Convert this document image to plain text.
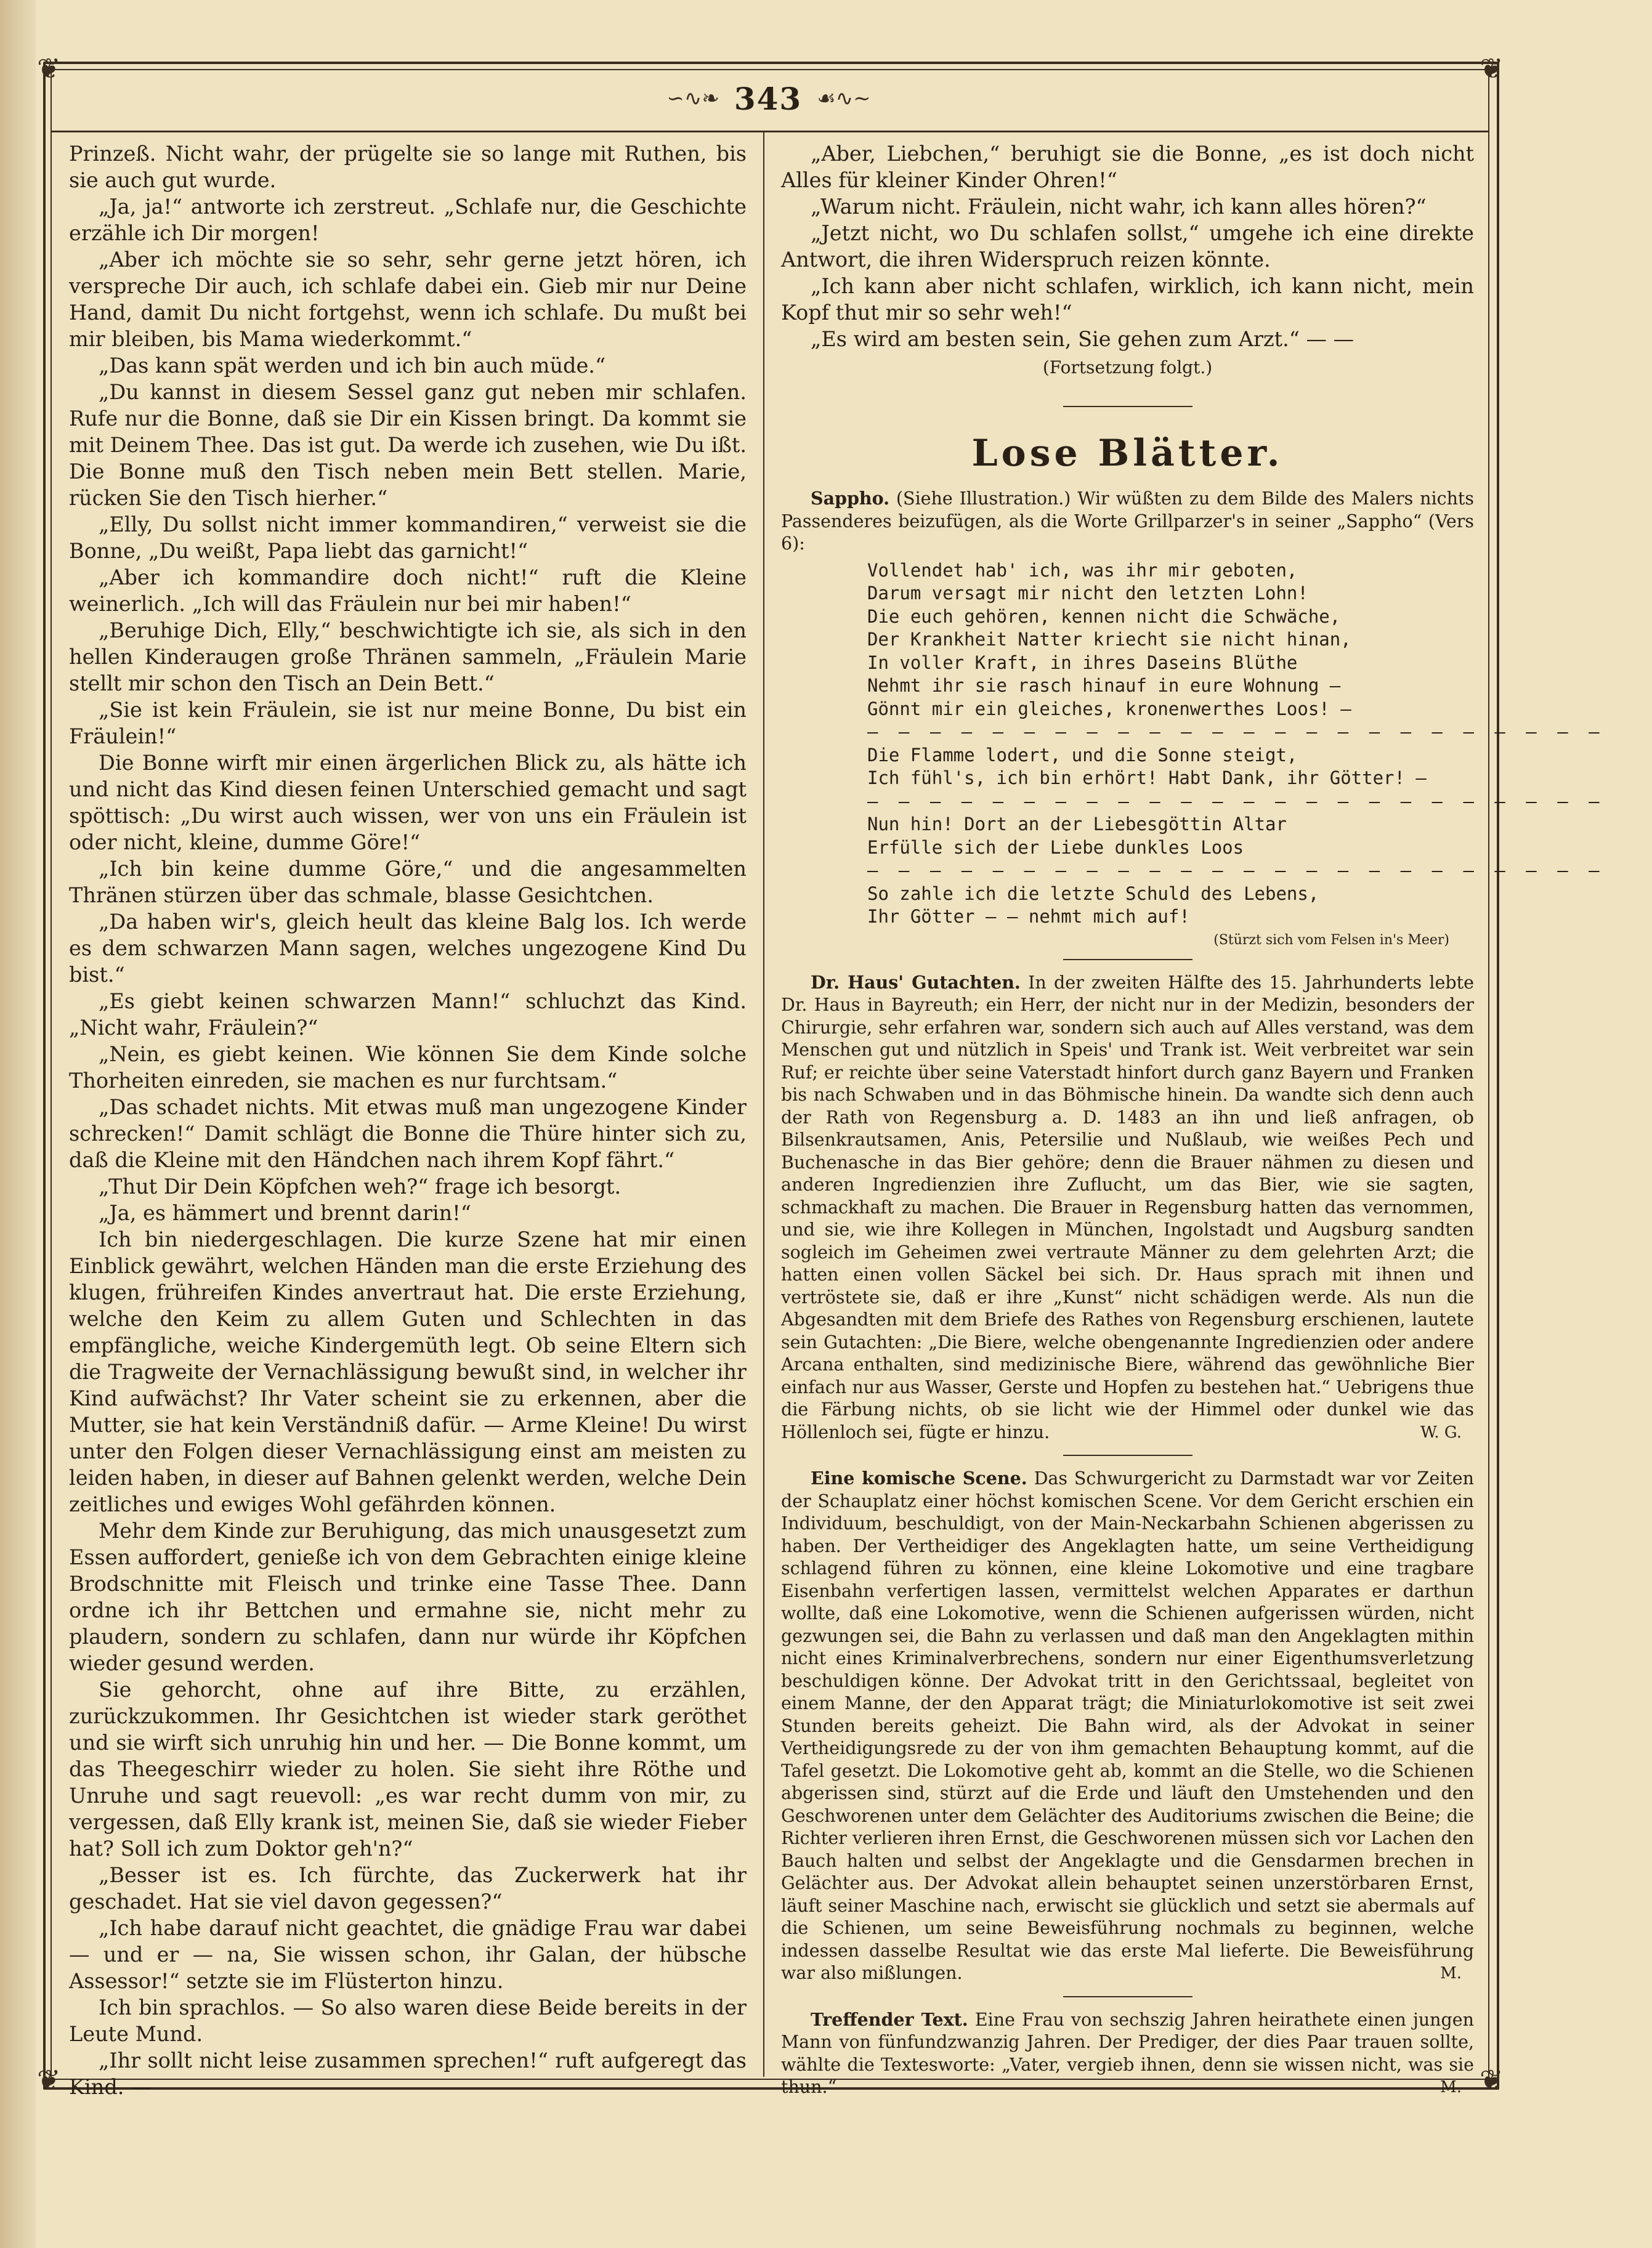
❦	❦
❦	❦
∽∿❧ 343 ☙∿∼

Prinzeß. Nicht wahr, der prügelte sie so lange mit Ruthen, bis sie auch gut wurde.

„Ja, ja!“ antworte ich zerstreut. „Schlafe nur, die Geschichte erzähle ich Dir morgen!

„Aber ich möchte sie so sehr, sehr gerne jetzt hören, ich verspreche Dir auch, ich schlafe dabei ein. Gieb mir nur Deine Hand, damit Du nicht fortgehst, wenn ich schlafe. Du mußt bei mir bleiben, bis Mama wiederkommt.“

„Das kann spät werden und ich bin auch müde.“

„Du kannst in diesem Sessel ganz gut neben mir schlafen. Rufe nur die Bonne, daß sie Dir ein Kissen bringt. Da kommt sie mit Deinem Thee. Das ist gut. Da werde ich zusehen, wie Du ißt. Die Bonne muß den Tisch neben mein Bett stellen. Marie, rücken Sie den Tisch hierher.“

„Elly, Du sollst nicht immer kommandiren,“ verweist sie die Bonne, „Du weißt, Papa liebt das garnicht!“

„Aber ich kommandire doch nicht!“ ruft die Kleine weinerlich. „Ich will das Fräulein nur bei mir haben!“

„Beruhige Dich, Elly,“ beschwichtigte ich sie, als sich in den hellen Kinderaugen große Thränen sammeln, „Fräulein Marie stellt mir schon den Tisch an Dein Bett.“

„Sie ist kein Fräulein, sie ist nur meine Bonne, Du bist ein Fräulein!“

Die Bonne wirft mir einen ärgerlichen Blick zu, als hätte ich und nicht das Kind diesen feinen Unterschied gemacht und sagt spöttisch: „Du wirst auch wissen, wer von uns ein Fräulein ist oder nicht, kleine, dumme Göre!“

„Ich bin keine dumme Göre,“ und die angesammelten Thränen stürzen über das schmale, blasse Gesichtchen.

„Da haben wir's, gleich heult das kleine Balg los. Ich werde es dem schwarzen Mann sagen, welches ungezogene Kind Du bist.“

„Es giebt keinen schwarzen Mann!“ schluchzt das Kind. „Nicht wahr, Fräulein?“

„Nein, es giebt keinen. Wie können Sie dem Kinde solche Thorheiten einreden, sie machen es nur furchtsam.“

„Das schadet nichts. Mit etwas muß man ungezogene Kinder schrecken!“ Damit schlägt die Bonne die Thüre hinter sich zu, daß die Kleine mit den Händchen nach ihrem Kopf fährt.“

„Thut Dir Dein Köpfchen weh?“ frage ich besorgt.

„Ja, es hämmert und brennt darin!“

Ich bin niedergeschlagen. Die kurze Szene hat mir einen Einblick gewährt, welchen Händen man die erste Erziehung des klugen, frühreifen Kindes anvertraut hat. Die erste Erziehung, welche den Keim zu allem Guten und Schlechten in das empfängliche, weiche Kindergemüth legt. Ob seine Eltern sich die Tragweite der Vernachlässigung bewußt sind, in welcher ihr Kind aufwächst? Ihr Vater scheint sie zu erkennen, aber die Mutter, sie hat kein Verständniß dafür. — Arme Kleine! Du wirst unter den Folgen dieser Vernachlässigung einst am meisten zu leiden haben, in dieser auf Bahnen gelenkt werden, welche Dein zeitliches und ewiges Wohl gefährden können.

Mehr dem Kinde zur Beruhigung, das mich unausgesetzt zum Essen auffordert, genieße ich von dem Gebrachten einige kleine Brodschnitte mit Fleisch und trinke eine Tasse Thee. Dann ordne ich ihr Bettchen und ermahne sie, nicht mehr zu plaudern, sondern zu schlafen, dann nur würde ihr Köpfchen wieder gesund werden.

Sie gehorcht, ohne auf ihre Bitte, zu erzählen, zurückzukommen. Ihr Gesichtchen ist wieder stark geröthet und sie wirft sich unruhig hin und her. — Die Bonne kommt, um das Theegeschirr wieder zu holen. Sie sieht ihre Röthe und Unruhe und sagt reuevoll: „es war recht dumm von mir, zu vergessen, daß Elly krank ist, meinen Sie, daß sie wieder Fieber hat? Soll ich zum Doktor geh'n?“

„Besser ist es. Ich fürchte, das Zuckerwerk hat ihr geschadet. Hat sie viel davon gegessen?“

„Ich habe darauf nicht geachtet, die gnädige Frau war dabei — und er — na, Sie wissen schon, ihr Galan, der hübsche Assessor!“ setzte sie im Flüsterton hinzu.

Ich bin sprachlos. — So also waren diese Beide bereits in der Leute Mund.

„Ihr sollt nicht leise zusammen sprechen!“ ruft aufgeregt das Kind. —

„Aber, Liebchen,“ beruhigt sie die Bonne, „es ist doch nicht Alles für kleiner Kinder Ohren!“

„Warum nicht. Fräulein, nicht wahr, ich kann alles hören?“

„Jetzt nicht, wo Du schlafen sollst,“ umgehe ich eine direkte Antwort, die ihren Widerspruch reizen könnte.

„Ich kann aber nicht schlafen, wirklich, ich kann nicht, mein Kopf thut mir so sehr weh!“

„Es wird am besten sein, Sie gehen zum Arzt.“ — —

(Fortsetzung folgt.)

Lose Blätter.

Sappho. (Siehe Illustration.) Wir wüßten zu dem Bilde des Malers nichts Passenderes beizufügen, als die Worte Grillparzer's in seiner „Sappho“ (Vers 6):

Vollendet hab' ich, was ihr mir geboten,
Darum versagt mir nicht den letzten Lohn!
Die euch gehören, kennen nicht die Schwäche,
Der Krankheit Natter kriecht sie nicht hinan,
In voller Kraft, in ihres Daseins Blüthe
Nehmt ihr sie rasch hinauf in eure Wohnung —
Gönnt mir ein gleiches, kronenwerthes Loos! —
— — — — — — — — — — — — — — — — — — — — — — — —
Die Flamme lodert, und die Sonne steigt,
Ich fühl's, ich bin erhört! Habt Dank, ihr Götter! —
— — — — — — — — — — — — — — — — — — — — — — — —
Nun hin! Dort an der Liebesgöttin Altar
Erfülle sich der Liebe dunkles Loos
— — — — — — — — — — — — — — — — — — — — — — — —
So zahle ich die letzte Schuld des Lebens,
Ihr Götter — — nehmt mich auf!
(Stürzt sich vom Felsen in's Meer)

Dr. Haus' Gutachten. In der zweiten Hälfte des 15. Jahrhunderts lebte Dr. Haus in Bayreuth; ein Herr, der nicht nur in der Medizin, besonders der Chirurgie, sehr erfahren war, sondern sich auch auf Alles verstand, was dem Menschen gut und nützlich in Speis' und Trank ist. Weit verbreitet war sein Ruf; er reichte über seine Vaterstadt hinfort durch ganz Bayern und Franken bis nach Schwaben und in das Böhmische hinein. Da wandte sich denn auch der Rath von Regensburg a. D. 1483 an ihn und ließ anfragen, ob Bilsenkrautsamen, Anis, Petersilie und Nußlaub, wie weißes Pech und Buchenasche in das Bier gehöre; denn die Brauer nähmen zu diesen und anderen Ingredienzien ihre Zuflucht, um das Bier, wie sie sagten, schmackhaft zu machen. Die Brauer in Regensburg hatten das vernommen, und sie, wie ihre Kollegen in München, Ingolstadt und Augsburg sandten sogleich im Geheimen zwei vertraute Männer zu dem gelehrten Arzt; die hatten einen vollen Säckel bei sich. Dr. Haus sprach mit ihnen und vertröstete sie, daß er ihre „Kunst“ nicht schädigen werde. Als nun die Abgesandten mit dem Briefe des Rathes von Regensburg erschienen, lautete sein Gutachten: „Die Biere, welche obengenannte Ingredienzien oder andere Arcana enthalten, sind medizinische Biere, während das gewöhnliche Bier einfach nur aus Wasser, Gerste und Hopfen zu bestehen hat.“ Uebrigens thue die Färbung nichts, ob sie licht wie der Himmel oder dunkel wie das Höllenloch sei, fügte er hinzu.	W. G.

Eine komische Scene. Das Schwurgericht zu Darmstadt war vor Zeiten der Schauplatz einer höchst komischen Scene. Vor dem Gericht erschien ein Individuum, beschuldigt, von der Main-Neckarbahn Schienen abgerissen zu haben. Der Vertheidiger des Angeklagten hatte, um seine Vertheidigung schlagend führen zu können, eine kleine Lokomotive und eine tragbare Eisenbahn verfertigen lassen, vermittelst welchen Apparates er darthun wollte, daß eine Lokomotive, wenn die Schienen aufgerissen würden, nicht gezwungen sei, die Bahn zu verlassen und daß man den Angeklagten mithin nicht eines Kriminalverbrechens, sondern nur einer Eigenthumsverletzung beschuldigen könne. Der Advokat tritt in den Gerichtssaal, begleitet von einem Manne, der den Apparat trägt; die Miniaturlokomotive ist seit zwei Stunden bereits geheizt. Die Bahn wird, als der Advokat in seiner Vertheidigungsrede zu der von ihm gemachten Behauptung kommt, auf die Tafel gesetzt. Die Lokomotive geht ab, kommt an die Stelle, wo die Schienen abgerissen sind, stürzt auf die Erde und läuft den Umstehenden und den Geschworenen unter dem Gelächter des Auditoriums zwischen die Beine; die Richter verlieren ihren Ernst, die Geschworenen müssen sich vor Lachen den Bauch halten und selbst der Angeklagte und die Gensdarmen brechen in Gelächter aus. Der Advokat allein behauptet seinen unzerstörbaren Ernst, läuft seiner Maschine nach, erwischt sie glücklich und setzt sie abermals auf die Schienen, um seine Beweisführung nochmals zu beginnen, welche indessen dasselbe Resultat wie das erste Mal lieferte. Die Beweisführung war also mißlungen.	M.

Treffender Text. Eine Frau von sechszig Jahren heirathete einen jungen Mann von fünfundzwanzig Jahren. Der Prediger, der dies Paar trauen sollte, wählte die Textesworte: „Vater, vergieb ihnen, denn sie wissen nicht, was sie thun.“	M.
